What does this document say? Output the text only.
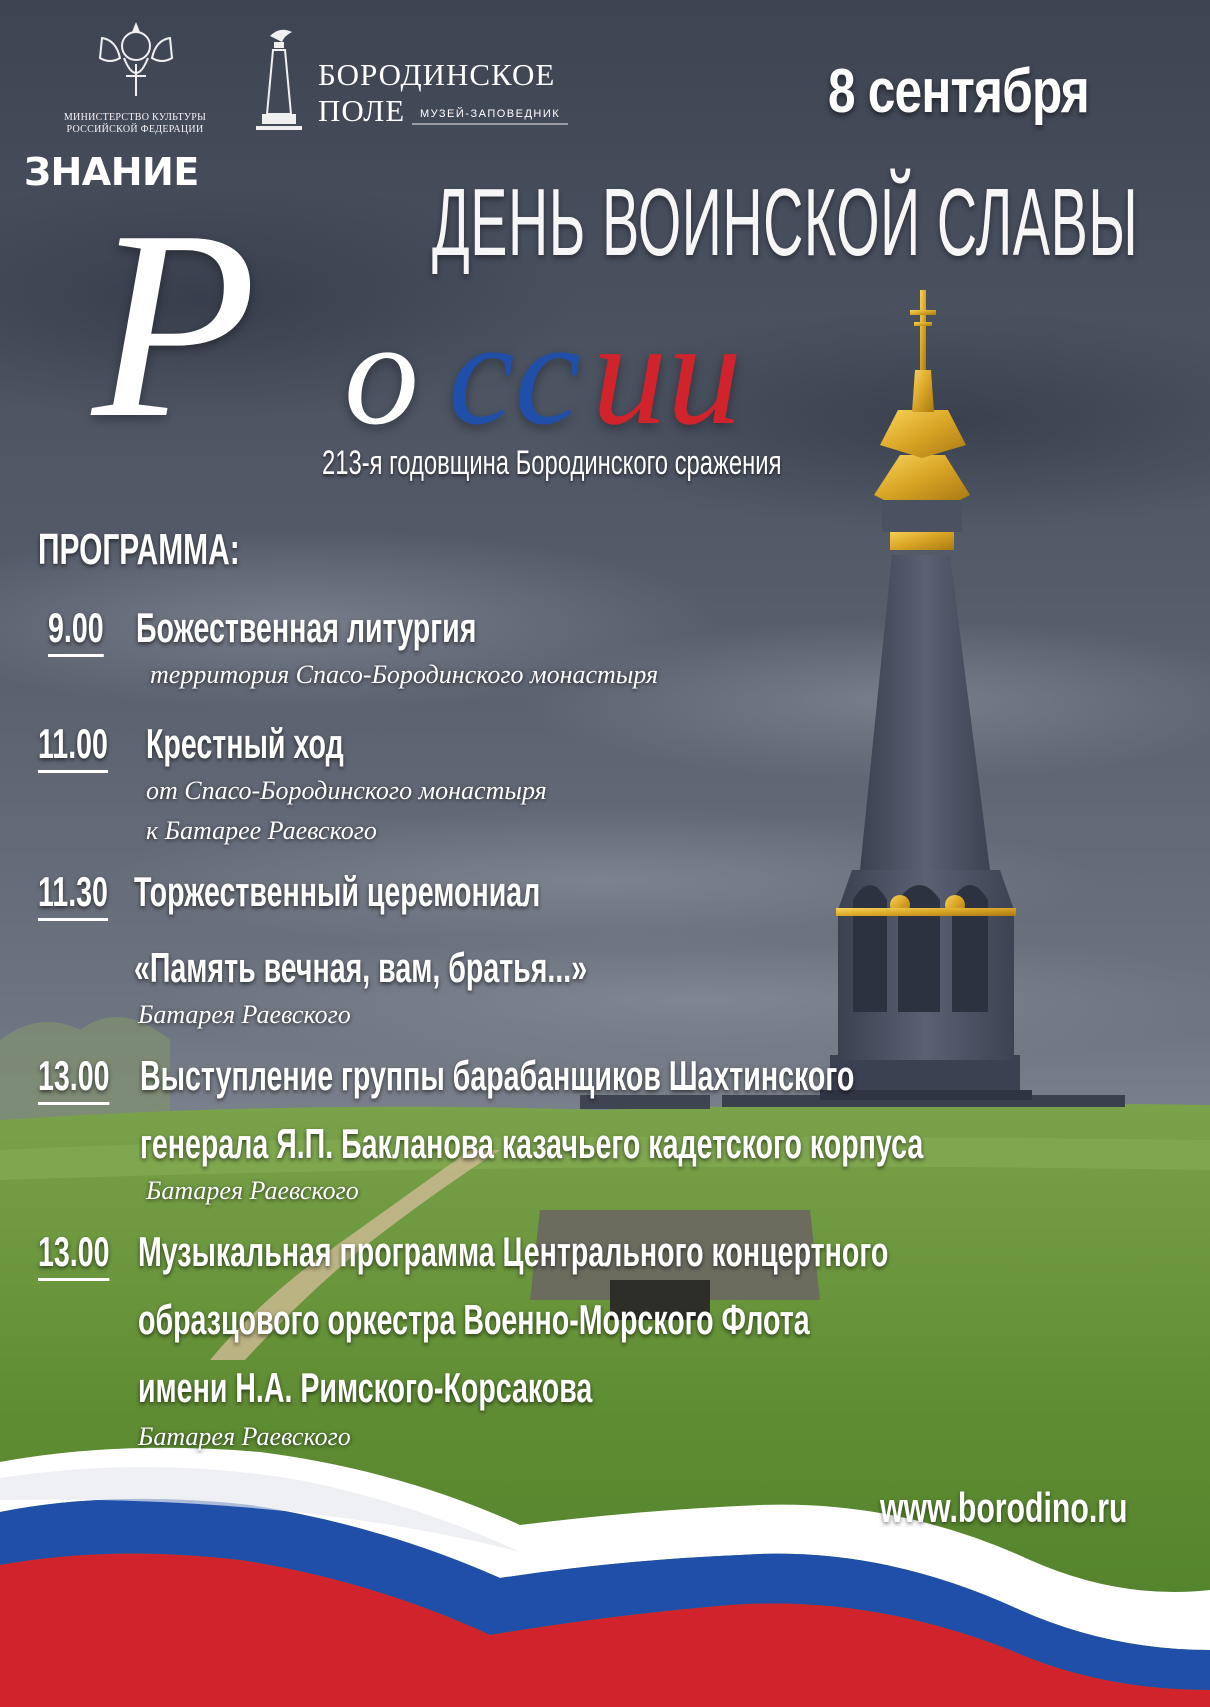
МИНИСТЕРСТВО КУЛЬТУРЫ
РОССИЙСКОЙ ФЕДЕРАЦИИ
БОРОДИНСКОЕ
ПОЛЕ МУЗЕЙ-ЗАПОВЕДНИК
ЗНАНИЕ
8 сентября
ДЕНЬ ВОИНСКОЙ СЛАВЫ
Р о сс ии
213-я годовщина Бородинского сражения
ПРОГРАММА:
9.00 Божественная литургия
территория Спасо-Бородинского монастыря
11.00 Крестный ход
от Спасо-Бородинского монастыря
к Батарее Раевского
11.30 Торжественный церемониал
«Память вечная, вам, братья...»
Батарея Раевского
13.00 Выступление группы барабанщиков Шахтинского
генерала Я.П. Бакланова казачьего кадетского корпуса
Батарея Раевского
13.00 Музыкальная программа Центрального концертного
образцового оркестра Военно-Морского Флота
имени Н.А. Римского-Корсакова
Батарея Раевского
www.borodino.ru
